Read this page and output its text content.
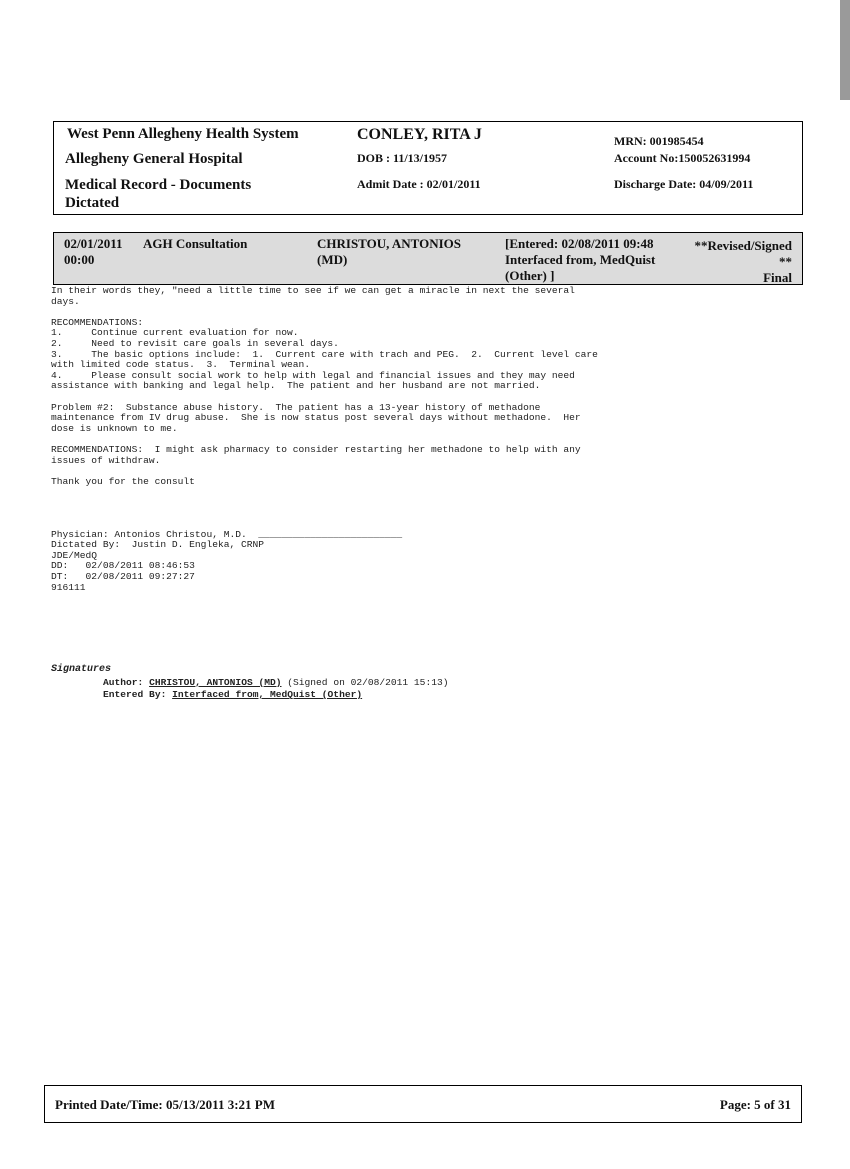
West Penn Allegheny Health System
Allegheny General Hospital
Medical Record - Documents
Dictated
CONLEY, RITA J
DOB : 11/13/1957
Admit Date : 02/01/2011
MRN: 001985454
Account No:150052631994
Discharge Date: 04/09/2011
02/01/2011
00:00
AGH Consultation	CHRISTOU, ANTONIOS
(MD)
[Entered: 02/08/2011 09:48
Interfaced from, MedQuist
(Other) ]
**Revised/Signed
**
Final
In their words they, "need a little time to see if we can get a miracle in next the several
days.

RECOMMENDATIONS:
1.     Continue current evaluation for now.
2.     Need to revisit care goals in several days.
3.     The basic options include:  1.  Current care with trach and PEG.  2.  Current level care
with limited code status.  3.  Terminal wean.
4.     Please consult social work to help with legal and financial issues and they may need
assistance with banking and legal help.  The patient and her husband are not married.

Problem #2:  Substance abuse history.  The patient has a 13-year history of methadone
maintenance from IV drug abuse.  She is now status post several days without methadone.  Her
dose is unknown to me.

RECOMMENDATIONS:  I might ask pharmacy to consider restarting her methadone to help with any
issues of withdraw.

Thank you for the consult

Physician: Antonios Christou, M.D.  _________________________
Dictated By:  Justin D. Engleka, CRNP
JDE/MedQ
DD:   02/08/2011 08:46:53
DT:   02/08/2011 09:27:27
916111
Signatures
Author: CHRISTOU, ANTONIOS (MD) (Signed on 02/08/2011 15:13)
Entered By: Interfaced from, MedQuist (Other)
Printed Date/Time: 05/13/2011 3:21 PM	Page: 5 of 31
